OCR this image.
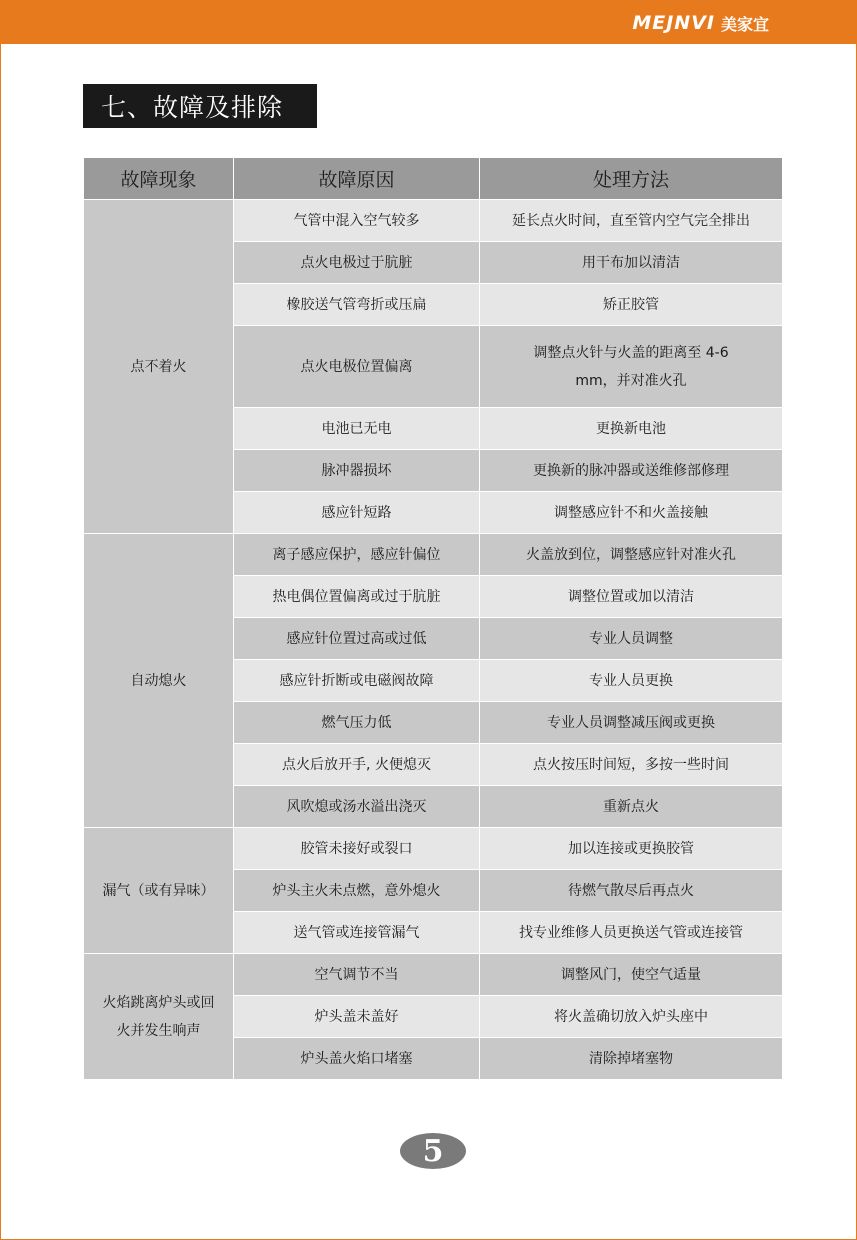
MEJNVI 美家宜
七、故障及排除
故障现象	故障原因	处理方法
点不着火	气管中混入空气较多	延长点火时间，直至管内空气完全排出
	点火电极过于肮脏	用干布加以清洁
	橡胶送气管弯折或压扁	矫正胶管
	点火电极位置偏离	调整点火针与火盖的距离至 4-6 mm，并对准火孔
	电池已无电	更换新电池
	脉冲器损坏	更换新的脉冲器或送维修部修理
	感应针短路	调整感应针不和火盖接触
自动熄火	离子感应保护，感应针偏位	火盖放到位，调整感应针对准火孔
	热电偶位置偏离或过于肮脏	调整位置或加以清洁
	感应针位置过高或过低	专业人员调整
	感应针折断或电磁阀故障	专业人员更换
	燃气压力低	专业人员调整减压阀或更换
	点火后放开手, 火便熄灭	点火按压时间短，多按一些时间
	风吹熄或汤水溢出浇灭	重新点火
漏气（或有异味）	胶管未接好或裂口	加以连接或更换胶管
	炉头主火未点燃，意外熄火	待燃气散尽后再点火
	送气管或连接管漏气	找专业维修人员更换送气管或连接管
火焰跳离炉头或回火并发生响声	空气调节不当	调整风门，使空气适量
	炉头盖未盖好	将火盖确切放入炉头座中
	炉头盖火焰口堵塞	清除掉堵塞物
5
